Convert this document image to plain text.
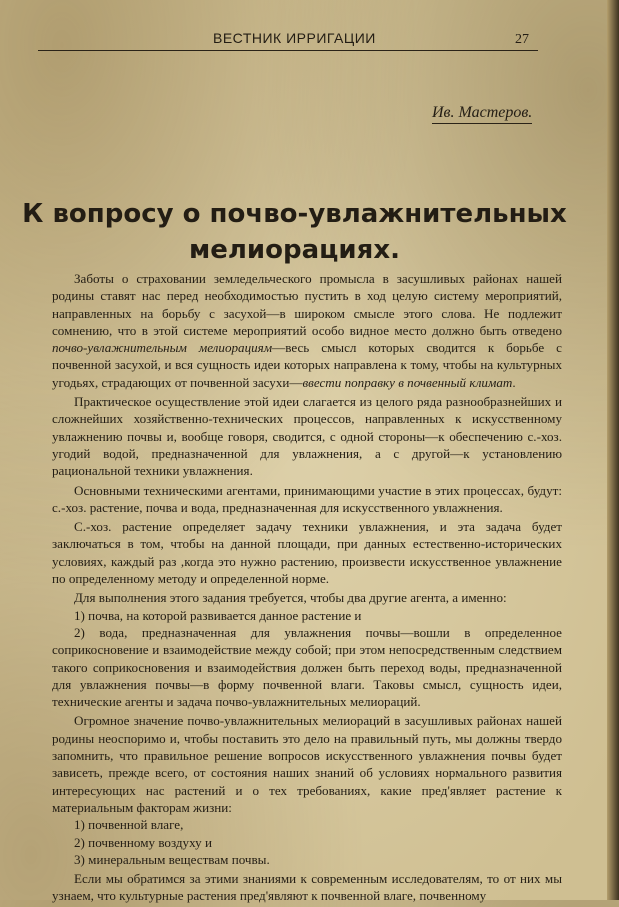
ВЕСТНИК ИРРИГАЦИИ	27
Ив. Мастеров.
К вопросу о почво-увлажнительных
мелиорациях.

Заботы о страховании земледельческого промысла в засушливых районах нашей родины ставят нас перед необходимостью пустить в ход целую систему мероприятий, направленных на борьбу с засухой—в широком смысле этого слова. Не подлежит сомнению, что в этой системе мероприятий особо видное место должно быть отведено почво-увлажнительным мелиорациям—весь смысл которых сводится к борьбе с почвенной засухой, и вся сущность идеи которых направлена к тому, чтобы на культурных угодьях, страдающих от почвенной засухи—ввести поправку в почвенный климат.

Практическое осуществление этой идеи слагается из целого ряда разнообразнейших и сложнейших хозяйственно-технических процессов, направленных к искусственному увлажнению почвы и, вообще говоря, сводится, с одной стороны—к обеспечению с.-хоз. угодий водой, предназначенной для увлажнения, а с другой—к установлению рациональной техники увлажнения.

Основными техническими агентами, принимающими участие в этих процессах, будут: с.-хоз. растение, почва и вода, предназначенная для искусственного увлажнения.

С.-хоз. растение определяет задачу техники увлажнения, и эта задача будет заключаться в том, чтобы на данной площади, при данных естественно-исторических условиях, каждый раз ,когда это нужно растению, произвести искусственное увлажнение по определенному методу и определенной норме.

Для выполнения этого задания требуется, чтобы два другие агента, а именно:

1) почва, на которой развивается данное растение и

2) вода, предназначенная для увлажнения почвы—вошли в определенное соприкосновение и взаимодействие между собой; при этом непосредственным следствием такого соприкосновения и взаимодействия должен быть переход воды, предназначенной для увлажнения почвы—в форму почвенной влаги. Таковы смысл, сущность идеи, технические агенты и задача почво-увлажнительных мелиораций.

Огромное значение почво-увлажнительных мелиораций в засушливых районах нашей родины неоспоримо и, чтобы поставить это дело на правильный путь, мы должны твердо запомнить, что правильное решение вопросов искусственного увлажнения почвы будет зависеть, прежде всего, от состояния наших знаний об условиях нормального развития интересующих нас растений и о тех требованиях, какие пред'являет растение к материальным факторам жизни:

1) почвенной влаге,

2) почвенному воздуху и

3) минеральным веществам почвы.

Если мы обратимся за этими знаниями к современным исследователям, то от них мы узнаем, что культурные растения пред'являют к почвенной влаге, почвенному
